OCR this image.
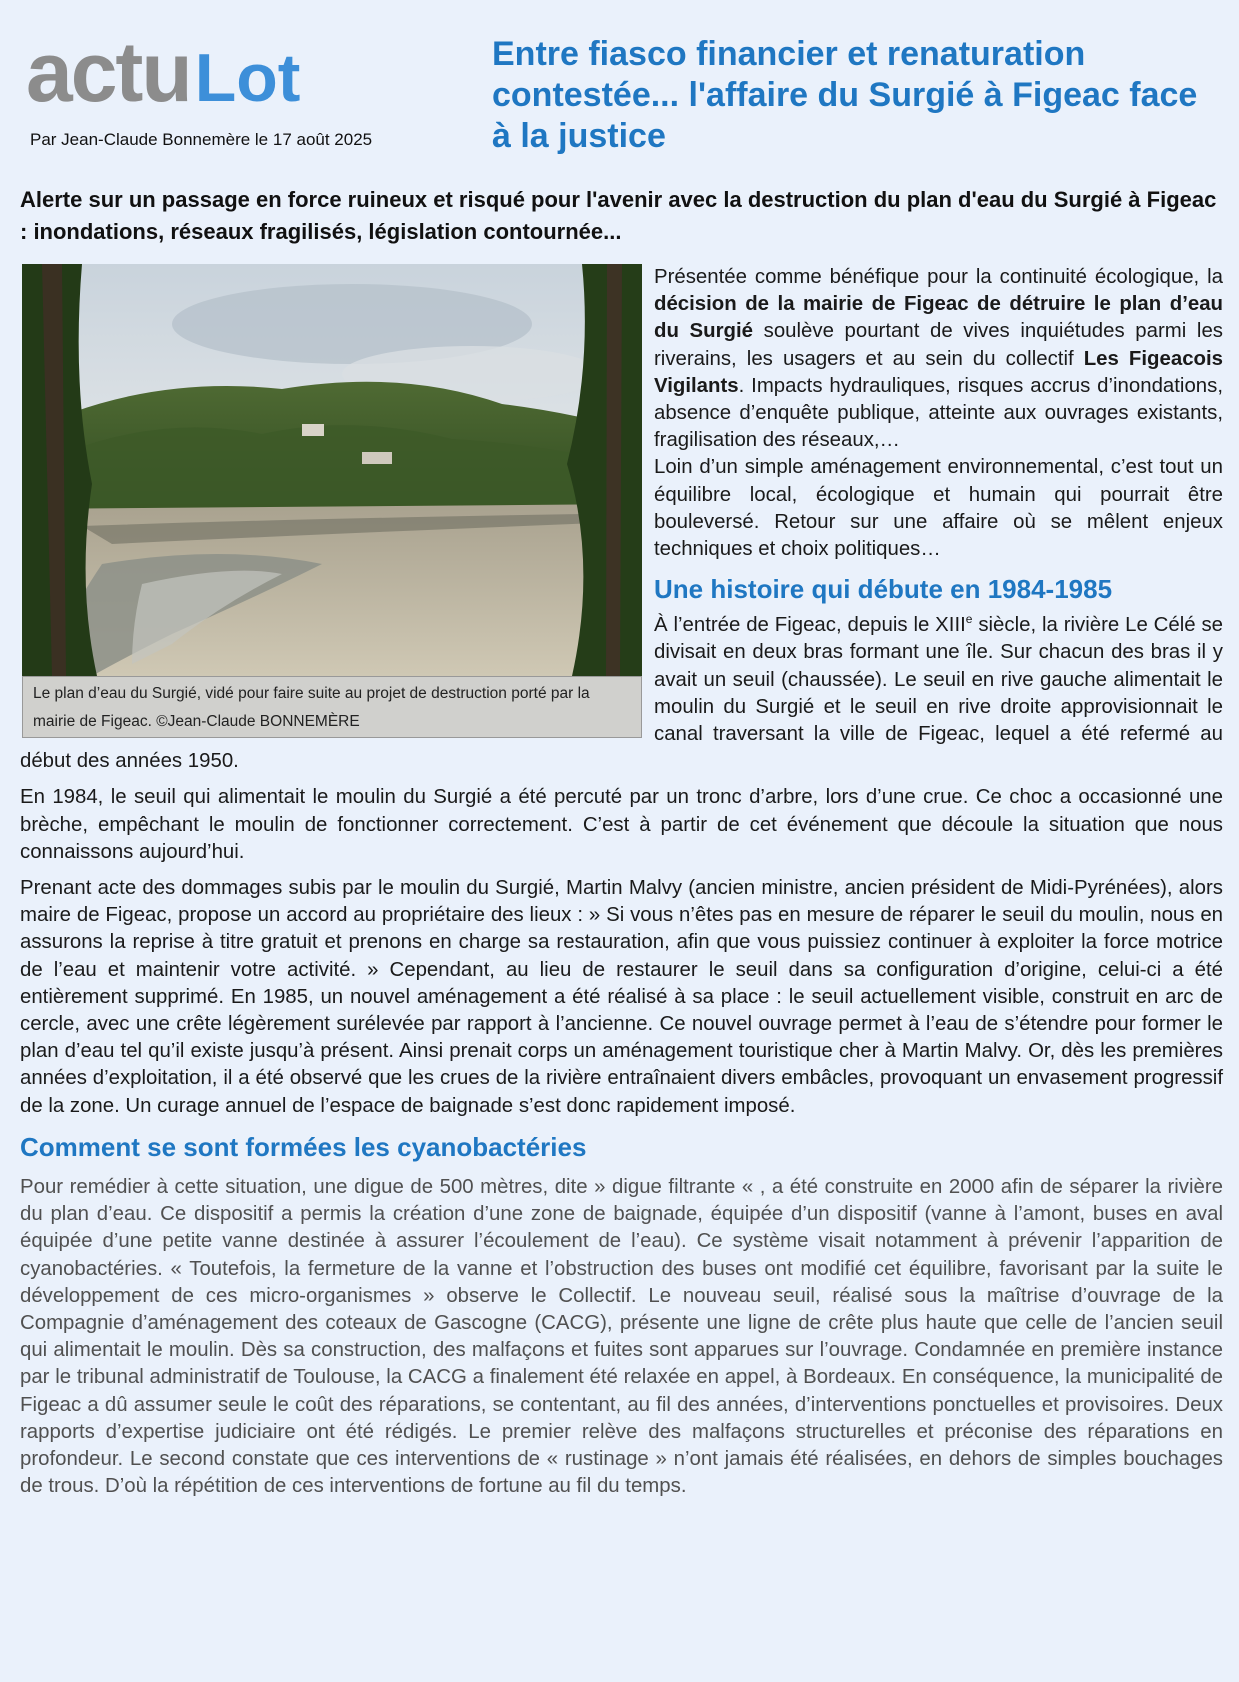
actuLot
Par Jean-Claude Bonnemère le 17 août 2025
Entre fiasco financier et renaturation contestée... l'affaire du Surgié à Figeac face à la justice

Alerte sur un passage en force ruineux et risqué pour l'avenir avec la destruction du plan d'eau du Surgié à Figeac : inondations, réseaux fragilisés, législation contournée...

Le plan d’eau du Surgié, vidé pour faire suite au projet de destruction porté par la mairie de Figeac. ©Jean-Claude BONNEMÈRE

Présentée comme bénéfique pour la continuité écologique, la décision de la mairie de Figeac de détruire le plan d’eau du Surgié soulève pourtant de vives inquiétudes parmi les riverains, les usagers et au sein du collectif Les Figeacois Vigilants. Impacts hydrauliques, risques accrus d’inondations, absence d’enquête publique, atteinte aux ouvrages existants, fragilisation des réseaux,…

Loin d’un simple aménagement environnemental, c’est tout un équilibre local, écologique et humain qui pourrait être bouleversé. Retour sur une affaire où se mêlent enjeux techniques et choix politiques…

Une histoire qui débute en 1984-1985

À l’entrée de Figeac, depuis le XIIIe siècle, la rivière Le Célé se divisait en deux bras formant une île. Sur chacun des bras il y avait un seuil (chaussée). Le seuil en rive gauche alimentait le moulin du Surgié et le seuil en rive droite approvisionnait le canal traversant la ville de Figeac, lequel a été refermé au début des années 1950.

En 1984, le seuil qui alimentait le moulin du Surgié a été percuté par un tronc d’arbre, lors d’une crue. Ce choc a occasionné une brèche, empêchant le moulin de fonctionner correctement. C’est à partir de cet événement que découle la situation que nous connaissons aujourd’hui.

Prenant acte des dommages subis par le moulin du Surgié, Martin Malvy (ancien ministre, ancien président de Midi-Pyrénées), alors maire de Figeac, propose un accord au propriétaire des lieux : » Si vous n’êtes pas en mesure de réparer le seuil du moulin, nous en assurons la reprise à titre gratuit et prenons en charge sa restauration, afin que vous puissiez continuer à exploiter la force motrice de l’eau et maintenir votre activité. » Cependant, au lieu de restaurer le seuil dans sa configuration d’origine, celui-ci a été entièrement supprimé. En 1985, un nouvel aménagement a été réalisé à sa place : le seuil actuellement visible, construit en arc de cercle, avec une crête légèrement surélevée par rapport à l’ancienne. Ce nouvel ouvrage permet à l’eau de s’étendre pour former le plan d’eau tel qu’il existe jusqu’à présent. Ainsi prenait corps un aménagement touristique cher à Martin Malvy. Or, dès les premières années d’exploitation, il a été observé que les crues de la rivière entraînaient divers embâcles, provoquant un envasement progressif de la zone. Un curage annuel de l’espace de baignade s’est donc rapidement imposé.

Comment se sont formées les cyanobactéries

Pour remédier à cette situation, une digue de 500 mètres, dite » digue filtrante « , a été construite en 2000 afin de séparer la rivière du plan d’eau. Ce dispositif a permis la création d’une zone de baignade, équipée d’un dispositif (vanne à l’amont, buses en aval équipée d’une petite vanne destinée à assurer l’écoulement de l’eau). Ce système visait notamment à prévenir l’apparition de cyanobactéries. « Toutefois, la fermeture de la vanne et l’obstruction des buses ont modifié cet équilibre, favorisant par la suite le développement de ces micro-organismes » observe le Collectif. Le nouveau seuil, réalisé sous la maîtrise d’ouvrage de la Compagnie d’aménagement des coteaux de Gascogne (CACG), présente une ligne de crête plus haute que celle de l’ancien seuil qui alimentait le moulin. Dès sa construction, des malfaçons et fuites sont apparues sur l’ouvrage. Condamnée en première instance par le tribunal administratif de Toulouse, la CACG a finalement été relaxée en appel, à Bordeaux. En conséquence, la municipalité de Figeac a dû assumer seule le coût des réparations, se contentant, au fil des années, d’interventions ponctuelles et provisoires. Deux rapports d’expertise judiciaire ont été rédigés. Le premier relève des malfaçons structurelles et préconise des réparations en profondeur. Le second constate que ces interventions de « rustinage » n’ont jamais été réalisées, en dehors de simples bouchages de trous. D’où la répétition de ces interventions de fortune au fil du temps.
